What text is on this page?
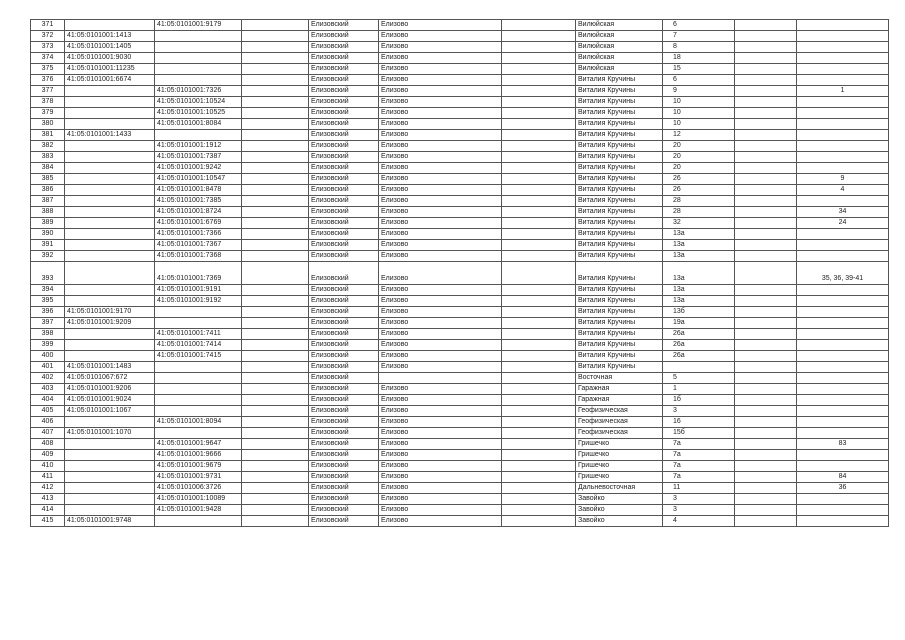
371		41:05:0101001:9179		Елизовский	Елизово		Вилюйская	6		
372	41:05:0101001:1413			Елизовский	Елизово		Вилюйская	7		
373	41:05:0101001:1405			Елизовский	Елизово		Вилюйская	8		
374	41:05:0101001:9030			Елизовский	Елизово		Вилюйская	18		
375	41:05:0101001:11235			Елизовский	Елизово		Вилюйская	15		
376	41:05:0101001:6674			Елизовский	Елизово		Виталия Кручины	6		
377		41:05:0101001:7326		Елизовский	Елизово		Виталия Кручины	9		1
378		41:05:0101001:10524		Елизовский	Елизово		Виталия Кручины	10		
379		41:05:0101001:10525		Елизовский	Елизово		Виталия Кручины	10		
380		41:05:0101001:8084		Елизовский	Елизово		Виталия Кручины	10		
381	41:05:0101001:1433			Елизовский	Елизово		Виталия Кручины	12		
382		41:05:0101001:1912		Елизовский	Елизово		Виталия Кручины	20		
383		41:05:0101001:7387		Елизовский	Елизово		Виталия Кручины	20		
384		41:05:0101001:9242		Елизовский	Елизово		Виталия Кручины	20		
385		41:05:0101001:10547		Елизовский	Елизово		Виталия Кручины	26		9
386		41:05:0101001:8478		Елизовский	Елизово		Виталия Кручины	26		4
387		41:05:0101001:7385		Елизовский	Елизово		Виталия Кручины	28		
388		41:05:0101001:8724		Елизовский	Елизово		Виталия Кручины	28		34
389		41:05:0101001:6769		Елизовский	Елизово		Виталия Кручины	32		24
390		41:05:0101001:7366		Елизовский	Елизово		Виталия Кручины	13а		
391		41:05:0101001:7367		Елизовский	Елизово		Виталия Кручины	13а		
392		41:05:0101001:7368		Елизовский	Елизово		Виталия Кручины	13а		
393		41:05:0101001:7369		Елизовский	Елизово		Виталия Кручины	13а		35, 36, 39-41
394		41:05:0101001:9191		Елизовский	Елизово		Виталия Кручины	13а		
395		41:05:0101001:9192		Елизовский	Елизово		Виталия Кручины	13а		
396	41:05:0101001:9170			Елизовский	Елизово		Виталия Кручины	13б		
397	41:05:0101001:9209			Елизовский	Елизово		Виталия Кручины	19а		
398		41:05:0101001:7411		Елизовский	Елизово		Виталия Кручины	26а		
399		41:05:0101001:7414		Елизовский	Елизово		Виталия Кручины	26а		
400		41:05:0101001:7415		Елизовский	Елизово		Виталия Кручины	26а		
401	41:05:0101001:1483			Елизовский	Елизово		Виталия Кручины			
402	41:05:0101067:672			Елизовский			Восточная	5		
403	41:05:0101001:9206			Елизовский	Елизово		Гаражная	1		
404	41:05:0101001:9024			Елизовский	Елизово		Гаражная	1б		
405	41:05:0101001:1067			Елизовский	Елизово		Геофизическая	3		
406		41:05:0101001:8094		Елизовский	Елизово		Геофизическая	16		
407	41:05:0101001:1070			Елизовский	Елизово		Геофизическая	15б		
408		41:05:0101001:9647		Елизовский	Елизово		Гришечко	7а		83
409		41:05:0101001:9666		Елизовский	Елизово		Гришечко	7а		
410		41:05:0101001:9679		Елизовский	Елизово		Гришечко	7а		
411		41:05:0101001:9731		Елизовский	Елизово		Гришечко	7а		84
412		41:05:0101006:3726		Елизовский	Елизово		Дальневосточная	11		36
413		41:05:0101001:10089		Елизовский	Елизово		Завойко	3		
414		41:05:0101001:9428		Елизовский	Елизово		Завойко	3		
415	41:05:0101001:9748			Елизовский	Елизово		Завойко	4		
